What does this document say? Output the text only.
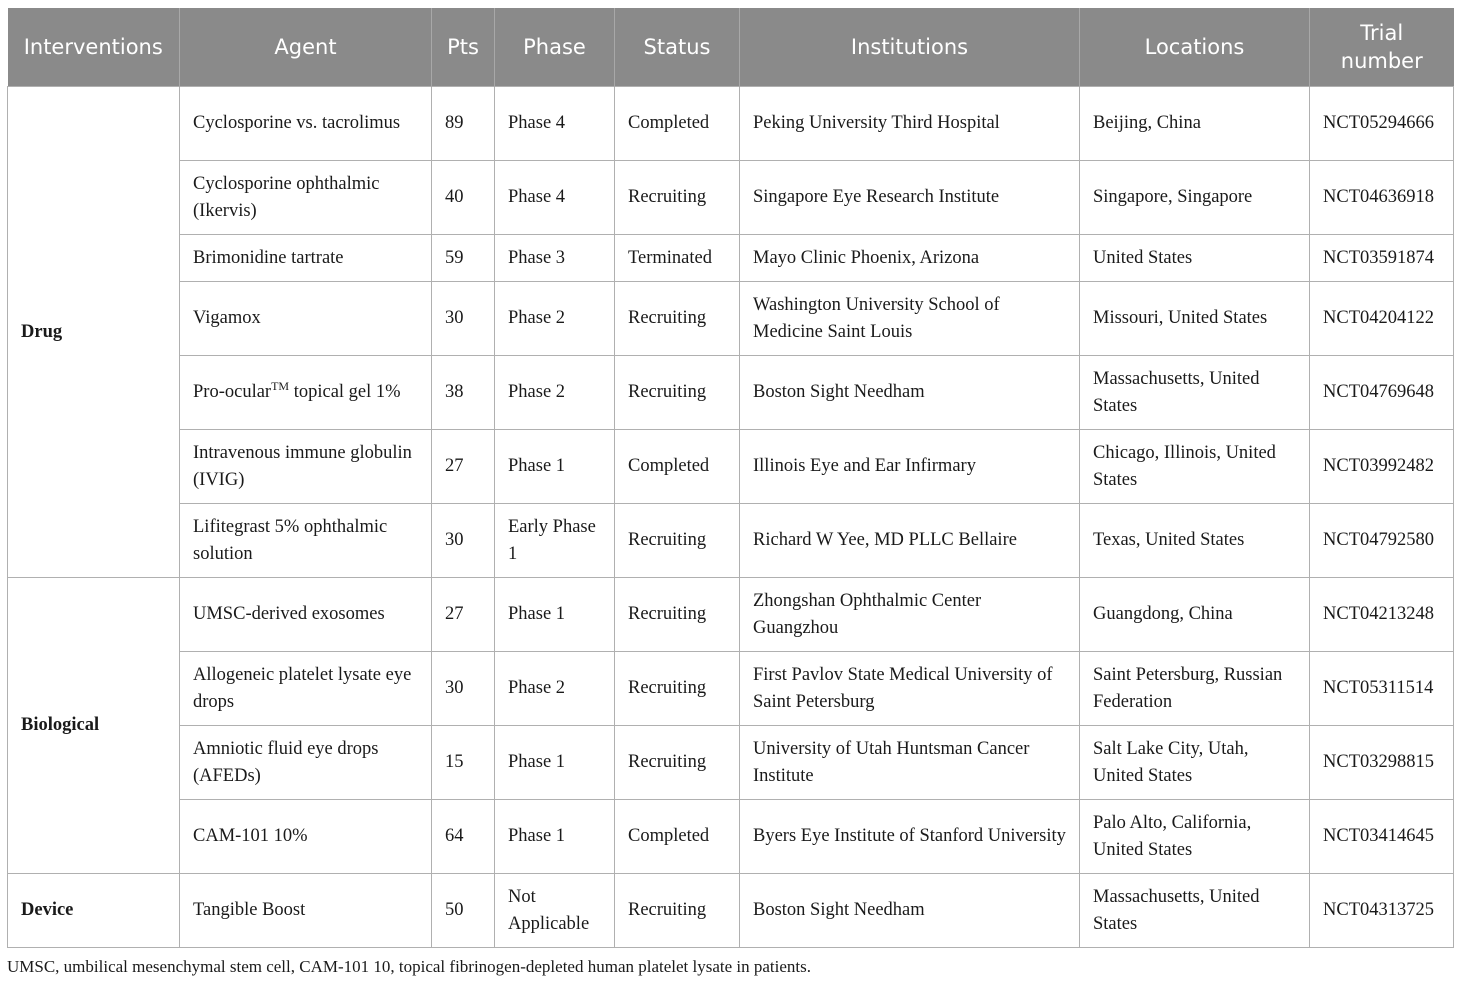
Interventions	Agent	Pts	Phase	Status	Institutions	Locations	Trial number
Drug	Cyclosporine vs. tacrolimus	89	Phase 4	Completed	Peking University Third Hospital	Beijing, China	NCT05294666
	Cyclosporine ophthalmic (Ikervis)	40	Phase 4	Recruiting	Singapore Eye Research Institute	Singapore, Singapore	NCT04636918
	Brimonidine tartrate	59	Phase 3	Terminated	Mayo Clinic Phoenix, Arizona	United States	NCT03591874
	Vigamox	30	Phase 2	Recruiting	Washington University School of Medicine Saint Louis	Missouri, United States	NCT04204122
	Pro-ocular™ topical gel 1%	38	Phase 2	Recruiting	Boston Sight Needham	Massachusetts, United States	NCT04769648
	Intravenous immune globulin (IVIG)	27	Phase 1	Completed	Illinois Eye and Ear Infirmary	Chicago, Illinois, United States	NCT03992482
	Lifitegrast 5% ophthalmic solution	30	Early Phase 1	Recruiting	Richard W Yee, MD PLLC Bellaire	Texas, United States	NCT04792580
Biological	UMSC-derived exosomes	27	Phase 1	Recruiting	Zhongshan Ophthalmic Center Guangzhou	Guangdong, China	NCT04213248
	Allogeneic platelet lysate eye drops	30	Phase 2	Recruiting	First Pavlov State Medical University of Saint Petersburg	Saint Petersburg, Russian Federation	NCT05311514
	Amniotic fluid eye drops (AFEDs)	15	Phase 1	Recruiting	University of Utah Huntsman Cancer Institute	Salt Lake City, Utah, United States	NCT03298815
	CAM-101 10%	64	Phase 1	Completed	Byers Eye Institute of Stanford University	Palo Alto, California, United States	NCT03414645
Device	Tangible Boost	50	Not Applicable	Recruiting	Boston Sight Needham	Massachusetts, United States	NCT04313725
UMSC, umbilical mesenchymal stem cell, CAM-101 10, topical fibrinogen-depleted human platelet lysate in patients.
